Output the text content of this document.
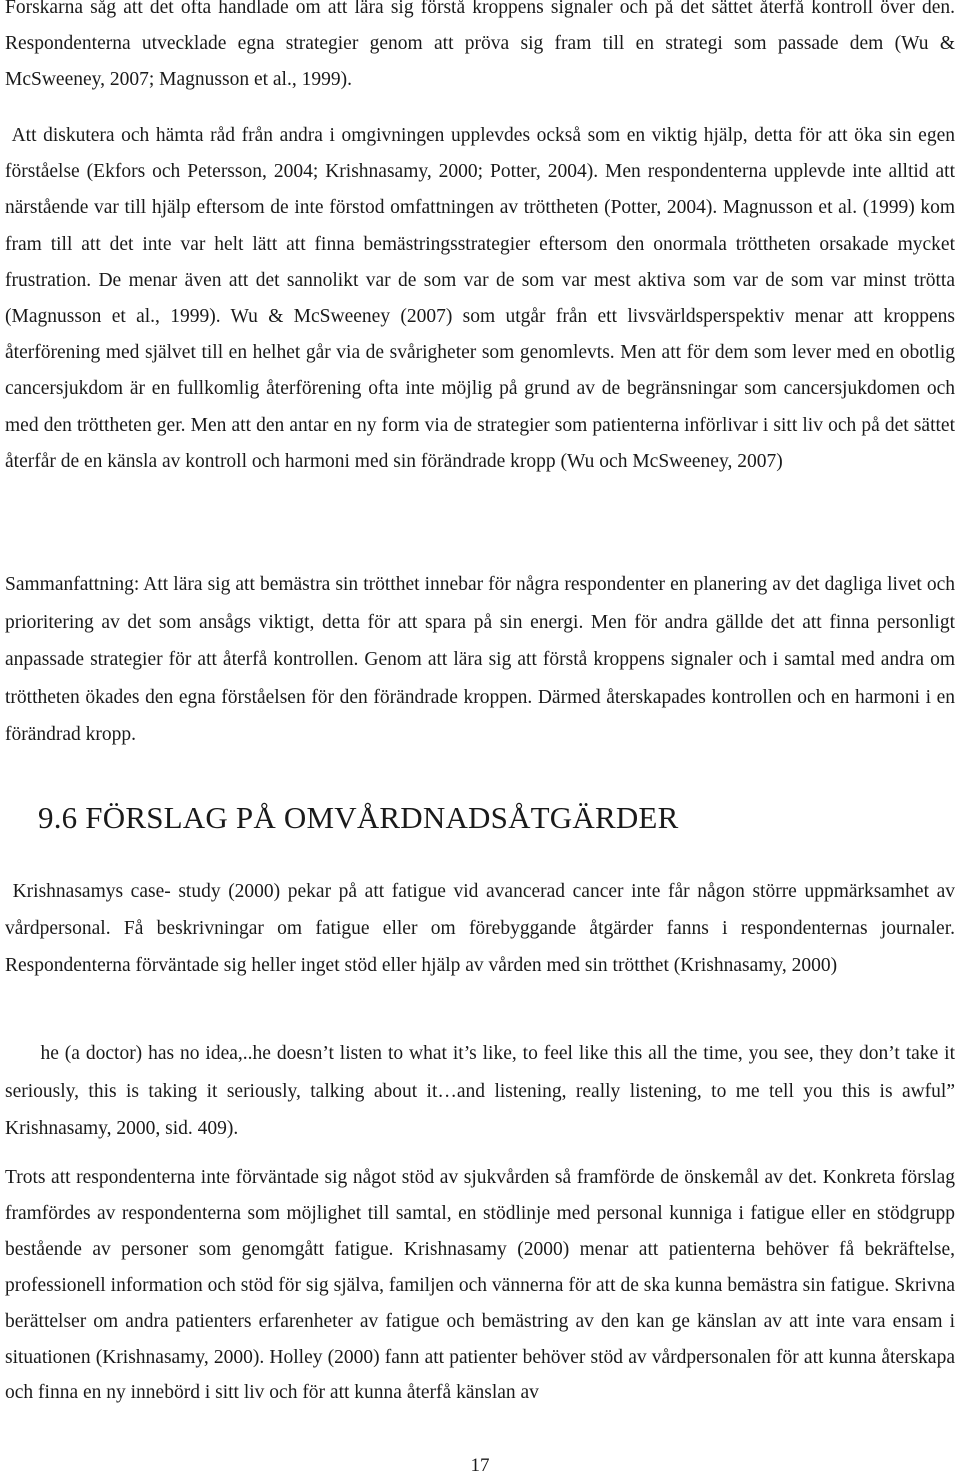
Forskarna såg att det ofta handlade om att lära sig förstå kroppens signaler och på det sättet återfå kontroll över den. Respondenterna utvecklade egna strategier genom att pröva sig fram till en strategi som passade dem (Wu & McSweeney, 2007; Magnusson et al., 1999).

Att diskutera och hämta råd från andra i omgivningen upplevdes också som en viktig hjälp, detta för att öka sin egen förståelse (Ekfors och Petersson, 2004; Krishnasamy, 2000; Potter, 2004). Men respondenterna upplevde inte alltid att närstående var till hjälp eftersom de inte förstod omfattningen av tröttheten (Potter, 2004). Magnusson et al. (1999) kom fram till att det inte var helt lätt att finna bemästringsstrategier eftersom den onormala tröttheten orsakade mycket frustration. De menar även att det sannolikt var de som var de som var mest aktiva som var de som var minst trötta (Magnusson et al., 1999). Wu & McSweeney (2007) som utgår från ett livsvärldsperspektiv menar att kroppens återförening med självet till en helhet går via de svårigheter som genomlevts. Men att för dem som lever med en obotlig cancersjukdom är en fullkomlig återförening ofta inte möjlig på grund av de begränsningar som cancersjukdomen och med den tröttheten ger. Men att den antar en ny form via de strategier som patienterna införlivar i sitt liv och på det sättet återfår de en känsla av kontroll och harmoni med sin förändrade kropp (Wu och McSweeney, 2007)

Sammanfattning: Att lära sig att bemästra sin trötthet innebar för några respondenter en planering av det dagliga livet och prioritering av det som ansågs viktigt, detta för att spara på sin energi. Men för andra gällde det att finna personligt anpassade strategier för att återfå kontrollen. Genom att lära sig att förstå kroppens signaler och i samtal med andra om tröttheten ökades den egna förståelsen för den förändrade kroppen. Därmed återskapades kontrollen och en harmoni i en förändrad kropp.

9.6 FÖRSLAG PÅ OMVÅRDNADSÅTGÄRDER

Krishnasamys case- study (2000) pekar på att fatigue vid avancerad cancer inte får någon större uppmärksamhet av vårdpersonal. Få beskrivningar om fatigue eller om förebyggande åtgärder fanns i respondenternas journaler. Respondenterna förväntade sig heller inget stöd eller hjälp av vården med sin trötthet (Krishnasamy, 2000)

he (a doctor) has no idea,..he doesn’t listen to what it’s like, to feel like this all the time, you see, they don’t take it seriously, this is taking it seriously, talking about it…and listening, really listening, to me tell you this is awful” Krishnasamy, 2000, sid. 409).

Trots att respondenterna inte förväntade sig något stöd av sjukvården så framförde de önskemål av det. Konkreta förslag framfördes av respondenterna som möjlighet till samtal, en stödlinje med personal kunniga i fatigue eller en stödgrupp bestående av personer som genomgått fatigue. Krishnasamy (2000) menar att patienterna behöver få bekräftelse, professionell information och stöd för sig själva, familjen och vännerna för att de ska kunna bemästra sin fatigue. Skrivna berättelser om andra patienters erfarenheter av fatigue och bemästring av den kan ge känslan av att inte vara ensam i situationen (Krishnasamy, 2000). Holley (2000) fann att patienter behöver stöd av vårdpersonalen för att kunna återskapa och finna en ny innebörd i sitt liv och för att kunna återfå känslan av

17
